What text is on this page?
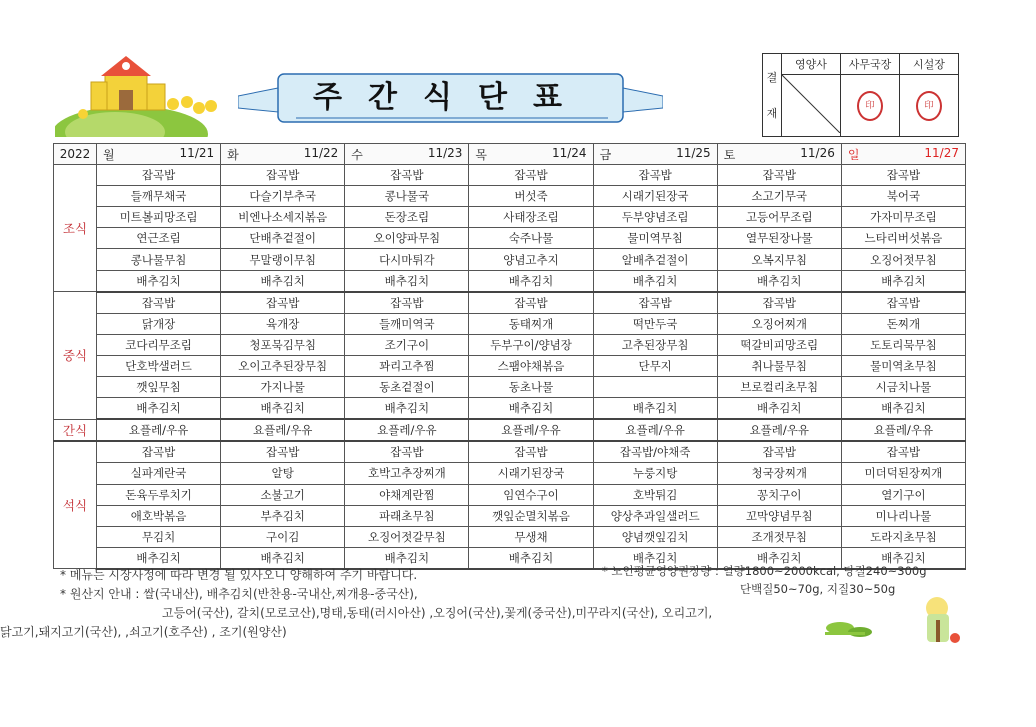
주간식단표
결
재	영양사	사무국장	시설장
	印	印
2022	월 11/21	화 11/22	수 11/23	목 11/24	금 11/25	토 11/26	일 11/27

조식	잡곡밥	잡곡밥	잡곡밥	잡곡밥	잡곡밥	잡곡밥	잡곡밥
	들깨무채국	다슬기부추국	콩나물국	버섯죽	시래기된장국	소고기무국	북어국
	미트볼피망조림	비엔나소세지볶음	돈장조림	사태장조림	두부양념조림	고등어무조림	가자미무조림
	연근조림	단배추겉절이	오이양파무침	숙주나물	물미역무침	열무된장나물	느타리버섯볶음
	콩나물무침	무말랭이무침	다시마튀각	양념고추지	알배추겉절이	오복지무침	오징어젓무침
	배추김치	배추김치	배추김치	배추김치	배추김치	배추김치	배추김치
중식	잡곡밥	잡곡밥	잡곡밥	잡곡밥	잡곡밥	잡곡밥	잡곡밥
	닭개장	육개장	들깨미역국	동태찌개	떡만두국	오징어찌개	돈찌개
	코다리무조림	청포묵김무침	조기구이	두부구이/양념장	고추된장무침	떡갈비피망조림	도토리묵무침
	단호박샐러드	오이고추된장무침	꽈리고추찜	스팸야채볶음	단무지	취나물무침	물미역초무침
	깻잎무침	가지나물	동초겉절이	동초나물		브로컬리초무침	시금치나물
	배추김치	배추김치	배추김치	배추김치	배추김치	배추김치	배추김치
간식	요플레/우유	요플레/우유	요플레/우유	요플레/우유	요플레/우유	요플레/우유	요플레/우유
석식	잡곡밥	잡곡밥	잡곡밥	잡곡밥	잡곡밥/야채죽	잡곡밥	잡곡밥
	실파계란국	알탕	호박고추장찌개	시래기된장국	누룽지탕	청국장찌개	미더덕된장찌개
	돈육두루치기	소불고기	야채계란찜	임연수구이	호박튀김	꽁치구이	열기구이
	애호박볶음	부추김치	파래초무침	깻잎순멸치볶음	양상추과일샐러드	꼬막양념무침	미나리나물
	무김치	구이김	오징어젓갈무침	무생채	양념깻잎김치	조개젓무침	도라지초무침
	배추김치	배추김치	배추김치	배추김치	배추김치	배추김치	배추김치
* 메뉴는 시장사정에 따라 변경 될 있사오니 양해하여 주기 바랍니다.
* 원산지 안내 : 쌀(국내산), 배추김치(반찬용-국내산,찌개용-중국산),
고등어(국산), 갈치(모로코산),명태,동태(러시아산) ,오징어(국산),꽃게(중국산),미꾸라지(국산), 오리고기,
닭고기,돼지고기(국산), ,쇠고기(호주산) , 조기(원양산)
* 노인평균영양권장량 : 열량1800~2000kcal, 당질240~300g
단백질50~70g, 지질30~50g
